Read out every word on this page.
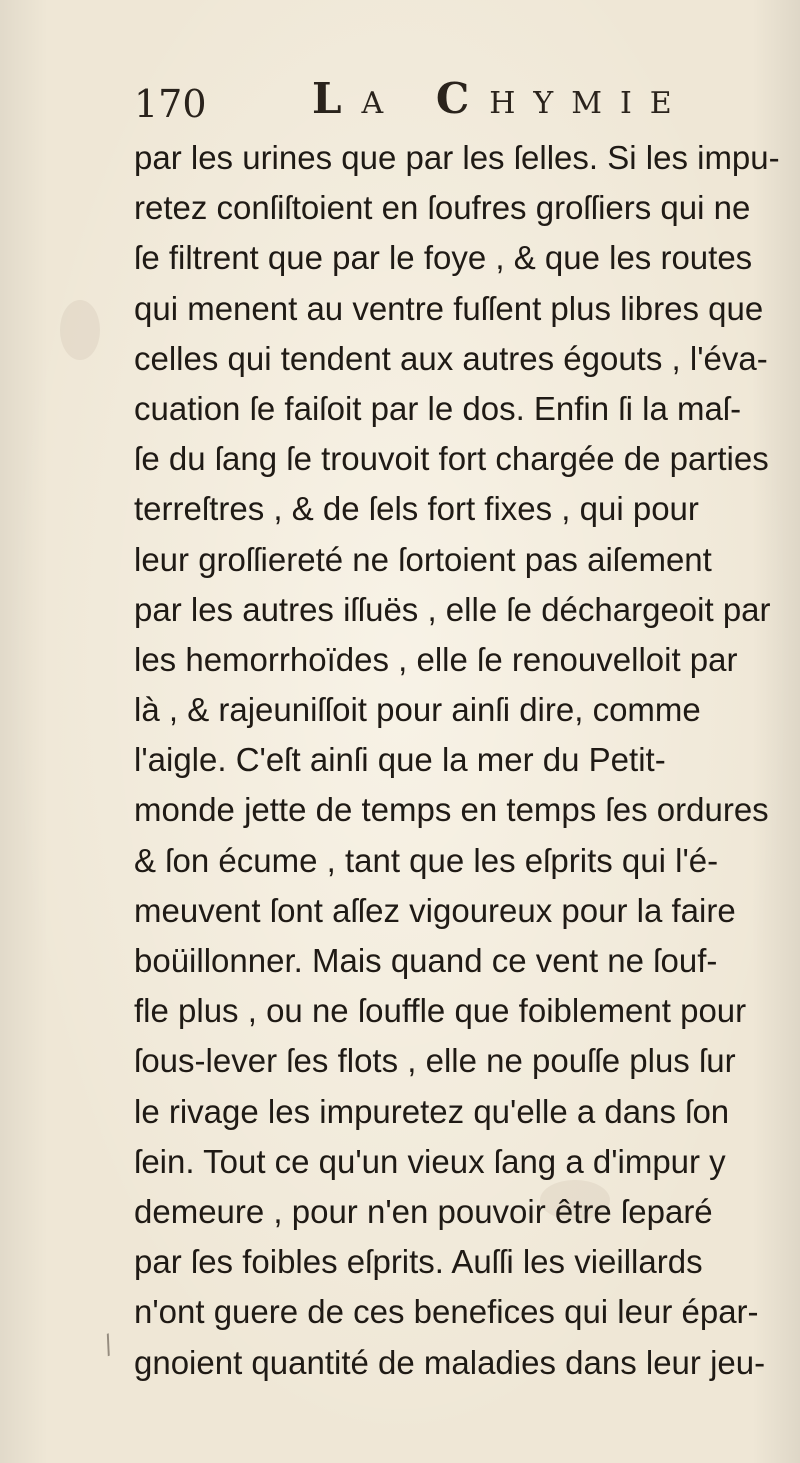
170	LA CHYMIE
par les urines que par les ſelles. Si les impu-
retez conſiſtoient en ſoufres groſſiers qui ne
ſe filtrent que par le foye , & que les routes
qui menent au ventre fuſſent plus libres que
celles qui tendent aux autres égouts , l'éva-
cuation ſe faiſoit par le dos. Enfin ſi la maſ-
ſe du ſang ſe trouvoit fort chargée de parties
terreſtres , & de ſels fort fixes , qui pour
leur groſſiereté ne ſortoient pas aiſement
par les autres iſſuës , elle ſe déchargeoit par
les hemorrhoïdes , elle ſe renouvelloit par
là , & rajeuniſſoit pour ainſi dire, comme
l'aigle. C'eſt ainſi que la mer du Petit-
monde jette de temps en temps ſes ordures
& ſon écume , tant que les eſprits qui l'é-
meuvent ſont aſſez vigoureux pour la faire
boüillonner. Mais quand ce vent ne ſouf-
fle plus , ou ne ſouffle que foiblement pour
ſous-lever ſes flots , elle ne pouſſe plus ſur
le rivage les impuretez qu'elle a dans ſon
ſein. Tout ce qu'un vieux ſang a d'impur y
demeure , pour n'en pouvoir être ſeparé
par ſes foibles eſprits. Auſſi les vieillards
n'ont guere de ces benefices qui leur épar-
gnoient quantité de maladies dans leur jeu-
/
